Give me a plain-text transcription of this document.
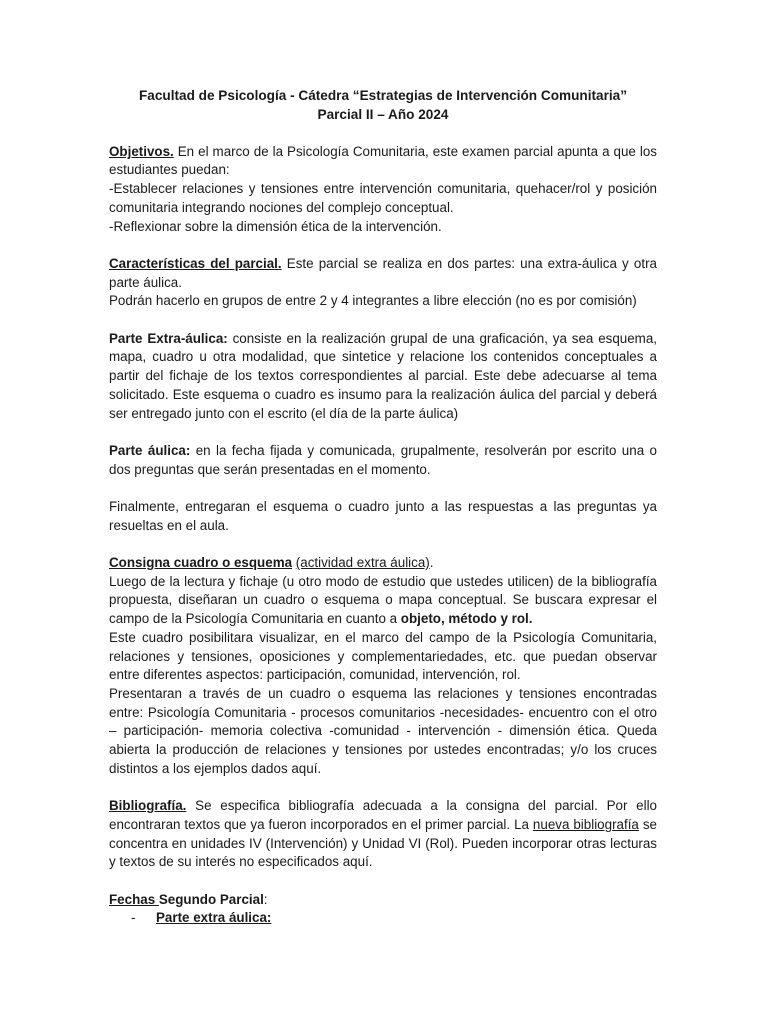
Facultad de Psicología - Cátedra “Estrategias de Intervención Comunitaria”
Parcial II – Año 2024

Objetivos. En el marco de la Psicología Comunitaria, este examen parcial apunta a que los estudiantes puedan:

-Establecer relaciones y tensiones entre intervención comunitaria, quehacer/rol y posición comunitaria integrando nociones del complejo conceptual.

-Reflexionar sobre la dimensión ética de la intervención.

Características del parcial. Este parcial se realiza en dos partes: una extra-áulica y otra parte áulica.

Podrán hacerlo en grupos de entre 2 y 4 integrantes a libre elección (no es por comisión)

Parte Extra-áulica: consiste en la realización grupal de una graficación, ya sea esquema, mapa, cuadro u otra modalidad, que sintetice y relacione los contenidos conceptuales a partir del fichaje de los textos correspondientes al parcial. Este debe adecuarse al tema solicitado. Este esquema o cuadro es insumo para la realización áulica del parcial y deberá ser entregado junto con el escrito (el día de la parte áulica)

Parte áulica: en la fecha fijada y comunicada, grupalmente, resolverán por escrito una o dos preguntas que serán presentadas en el momento.

Finalmente, entregaran el esquema o cuadro junto a las respuestas a las preguntas ya resueltas en el aula.

Consigna cuadro o esquema (actividad extra áulica).

Luego de la lectura y fichaje (u otro modo de estudio que ustedes utilicen) de la bibliografía propuesta, diseñaran un cuadro o esquema o mapa conceptual. Se buscara expresar el campo de la Psicología Comunitaria en cuanto a objeto, método y rol.

Este cuadro posibilitara visualizar, en el marco del campo de la Psicología Comunitaria, relaciones y tensiones, oposiciones y complementariedades, etc. que puedan observar entre diferentes aspectos: participación, comunidad, intervención, rol.

Presentaran a través de un cuadro o esquema las relaciones y tensiones encontradas entre: Psicología Comunitaria - procesos comunitarios -necesidades- encuentro con el otro – participación- memoria colectiva -comunidad - intervención - dimensión ética. Queda abierta la producción de relaciones y tensiones por ustedes encontradas; y/o los cruces distintos a los ejemplos dados aquí.

Bibliografía. Se especifica bibliografía adecuada a la consigna del parcial. Por ello encontraran textos que ya fueron incorporados en el primer parcial. La nueva bibliografía se concentra en unidades IV (Intervención) y Unidad VI (Rol). Pueden incorporar otras lecturas y textos de su interés no especificados aquí.

Fechas Segundo Parcial:

-	Parte extra áulica:
